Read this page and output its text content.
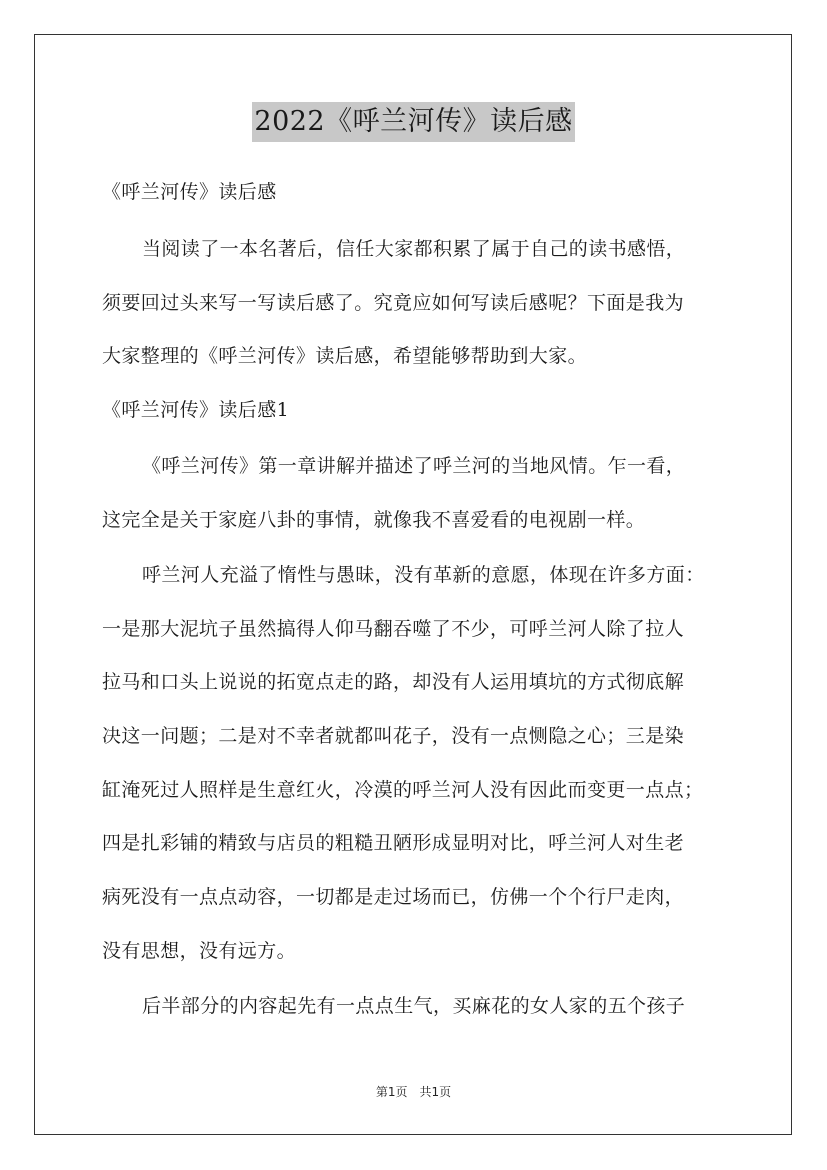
2022《呼兰河传》读后感
《呼兰河传》读后感
当阅读了一本名著后，信任大家都积累了属于自己的读书感悟，
须要回过头来写一写读后感了。究竟应如何写读后感呢？下面是我为
大家整理的《呼兰河传》读后感，希望能够帮助到大家。
《呼兰河传》读后感1
《呼兰河传》第一章讲解并描述了呼兰河的当地风情。乍一看，
这完全是关于家庭八卦的事情，就像我不喜爱看的电视剧一样。
呼兰河人充溢了惰性与愚昧，没有革新的意愿，体现在许多方面：
一是那大泥坑子虽然搞得人仰马翻吞噬了不少，可呼兰河人除了拉人
拉马和口头上说说的拓宽点走的路，却没有人运用填坑的方式彻底解
决这一问题；二是对不幸者就都叫花子，没有一点恻隐之心；三是染
缸淹死过人照样是生意红火，冷漠的呼兰河人没有因此而变更一点点；
四是扎彩铺的精致与店员的粗糙丑陋形成显明对比，呼兰河人对生老
病死没有一点点动容，一切都是走过场而已，仿佛一个个行尸走肉，
没有思想，没有远方。
后半部分的内容起先有一点点生气，买麻花的女人家的五个孩子
第1页　共1页
